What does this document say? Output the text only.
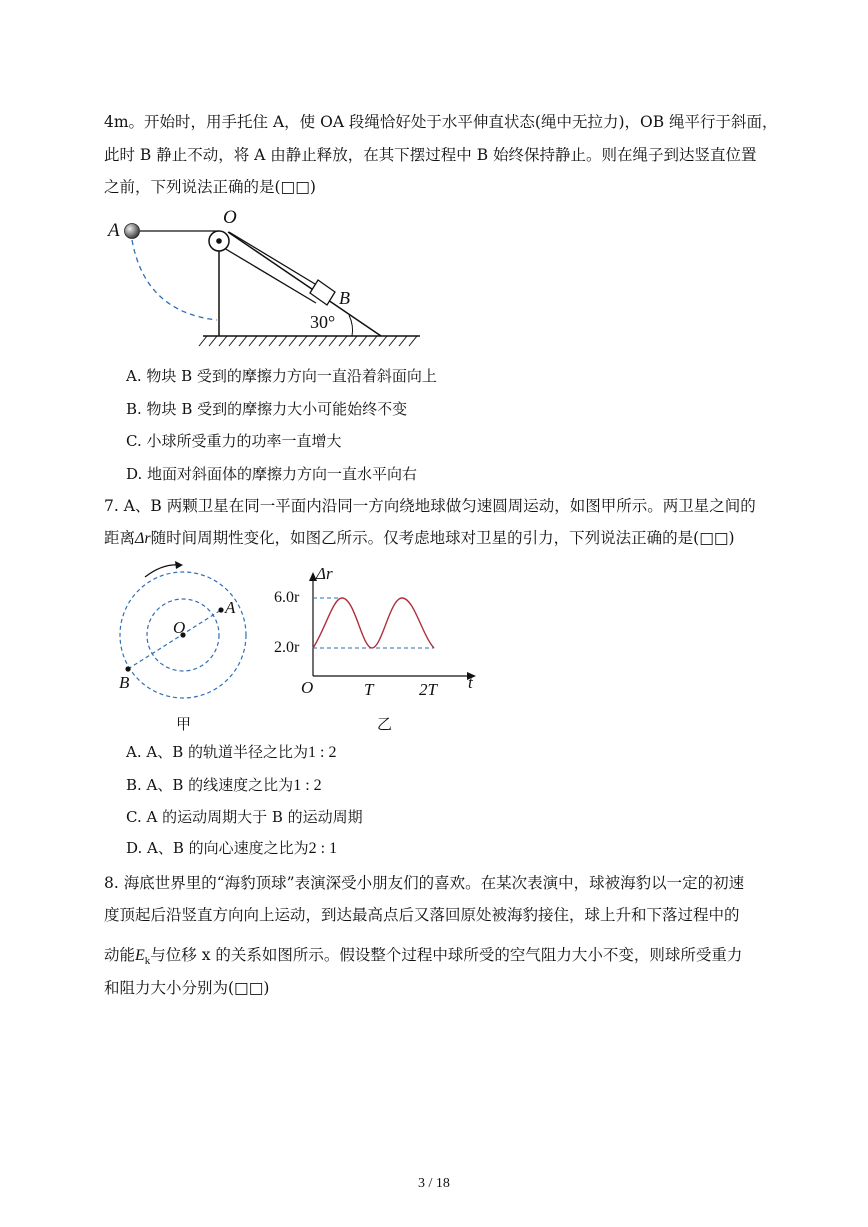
4m。开始时，用手托住 A，使 OA 段绳恰好处于水平伸直状态(绳中无拉力)，OB 绳平行于斜面，
此时 B 静止不动，将 A 由静止释放，在其下摆过程中 B 始终保持静止。则在绳子到达竖直位置
之前，下列说法正确的是(□□)
A
O
B
30°
A. 物块 B 受到的摩擦力方向一直沿着斜面向上
B. 物块 B 受到的摩擦力大小可能始终不变
C. 小球所受重力的功率一直增大
D. 地面对斜面体的摩擦力方向一直水平向右
7. A、B 两颗卫星在同一平面内沿同一方向绕地球做匀速圆周运动，如图甲所示。两卫星之间的
距离Δr随时间周期性变化，如图乙所示。仅考虑地球对卫星的引力，下列说法正确的是(□□)
O
A
B
甲
Δr
6.0r
2.0r
O	T	2T t
乙
A. A、B 的轨道半径之比为1 : 2
B. A、B 的线速度之比为1 : 2
C. A 的运动周期大于 B 的运动周期
D. A、B 的向心速度之比为2 : 1
8. 海底世界里的“海豹顶球”表演深受小朋友们的喜欢。在某次表演中，球被海豹以一定的初速
度顶起后沿竖直方向向上运动，到达最高点后又落回原处被海豹接住，球上升和下落过程中的
动能$E_k$与位移 x 的关系如图所示。假设整个过程中球所受的空气阻力大小不变，则球所受重力
和阻力大小分别为(□□)
3 / 18
